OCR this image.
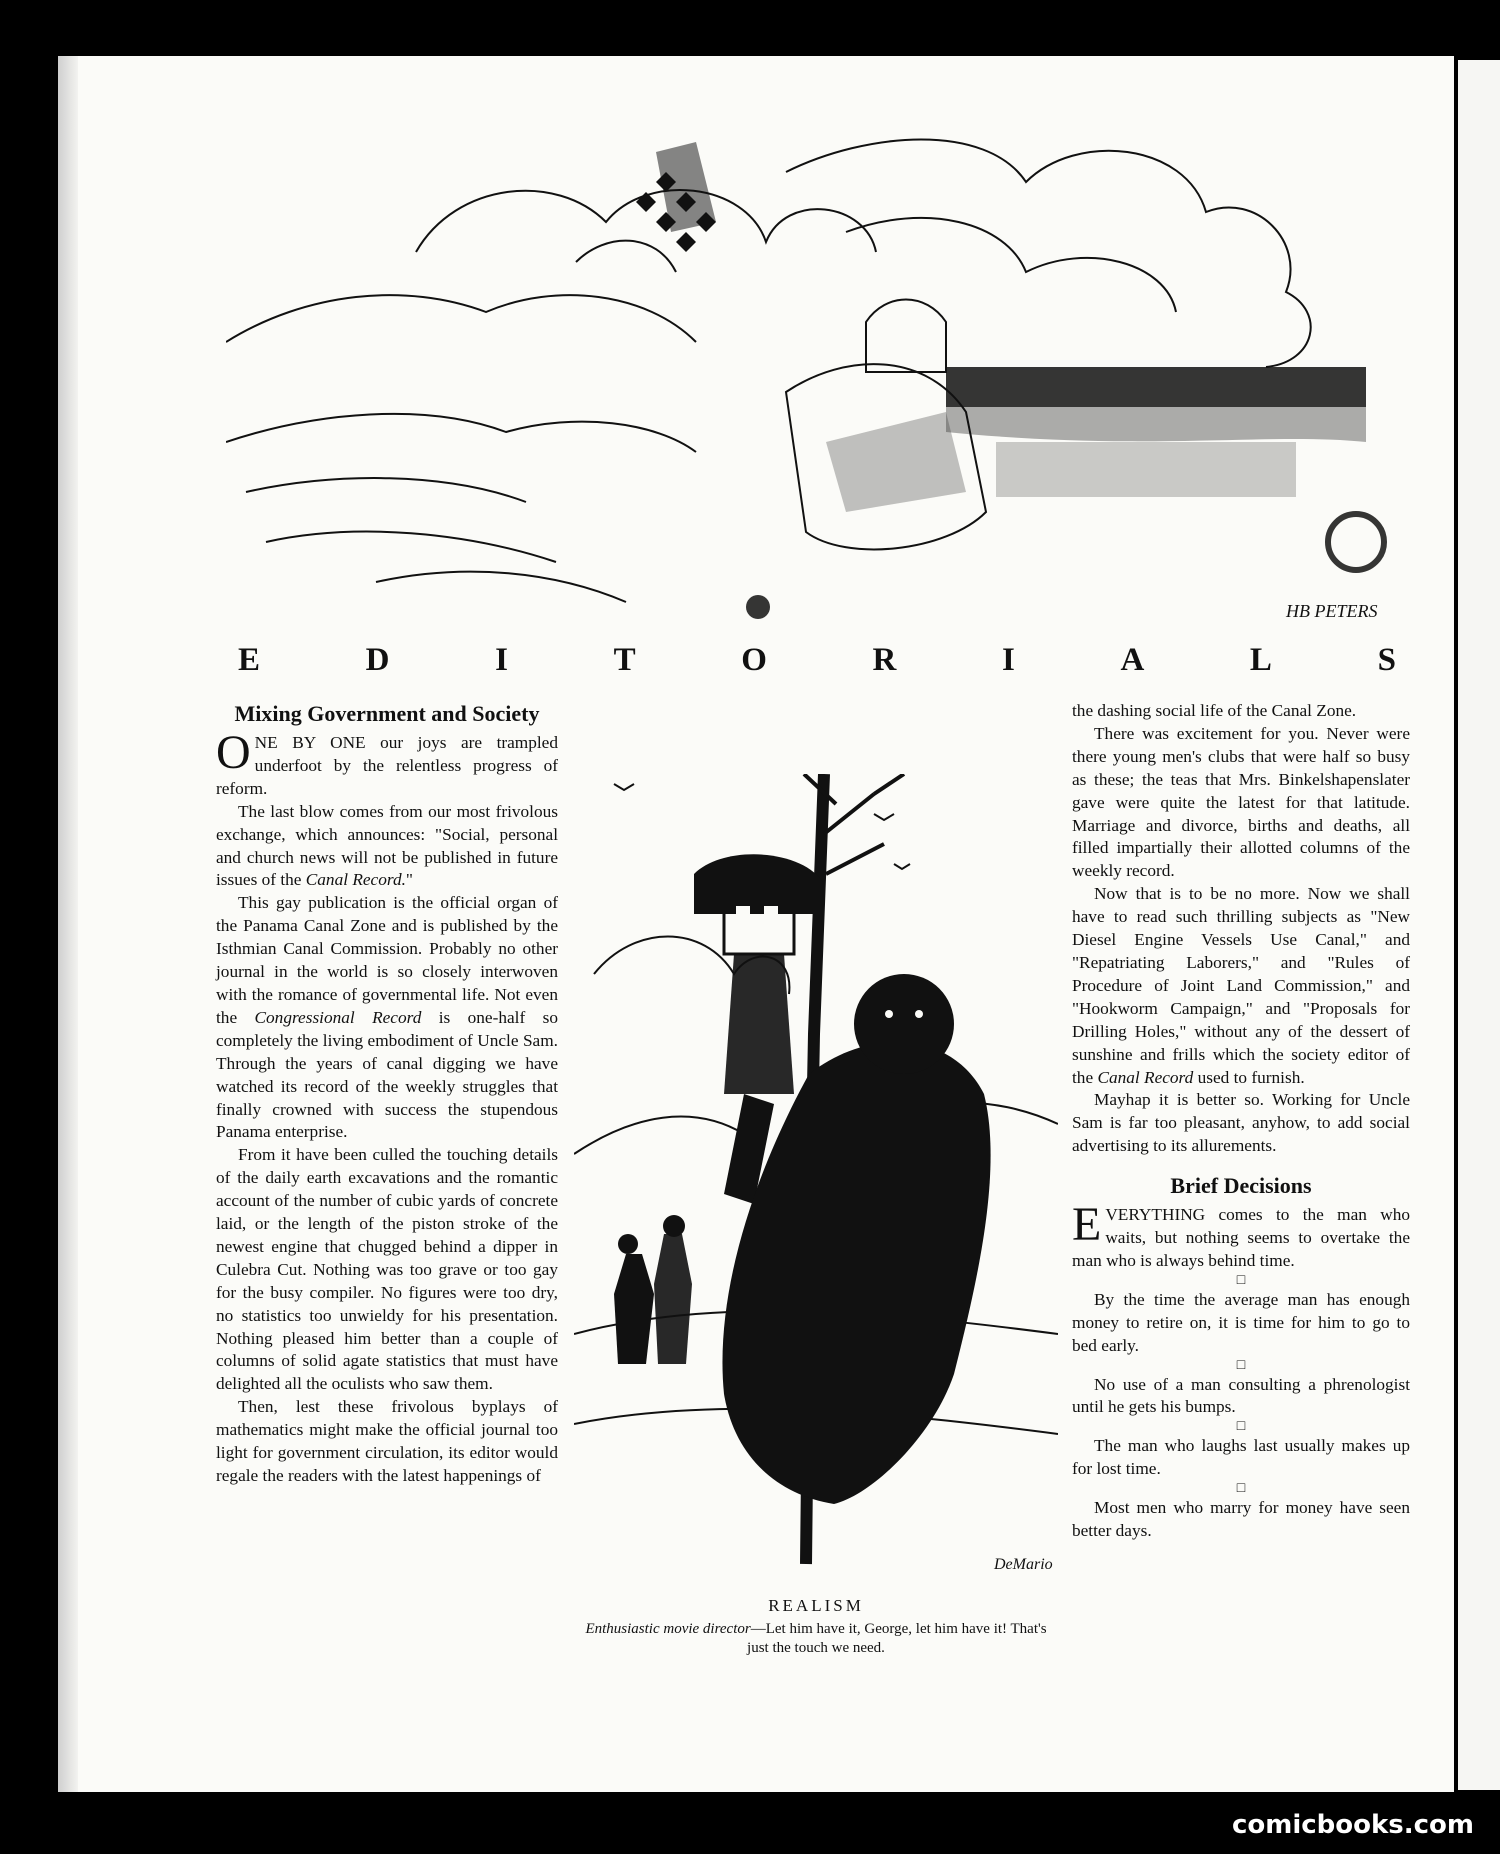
HB PETERS
E	D	I	T	O	R	I	A	L	S
Mixing Government and Society

ONE BY ONE our joys are trampled underfoot by the relentless progress of reform.

The last blow comes from our most frivolous exchange, which announces: "Social, personal and church news will not be published in future issues of the Canal Record."

This gay publication is the official organ of the Panama Canal Zone and is published by the Isthmian Canal Commission. Probably no other journal in the world is so closely interwoven with the romance of governmental life. Not even the Congressional Record is one-half so completely the living embodiment of Uncle Sam. Through the years of canal digging we have watched its record of the weekly struggles that finally crowned with success the stupendous Panama enterprise.

From it have been culled the touching details of the daily earth excavations and the romantic account of the number of cubic yards of concrete laid, or the length of the piston stroke of the newest engine that chugged behind a dipper in Culebra Cut. Nothing was too grave or too gay for the busy compiler. No figures were too dry, no statistics too unwieldy for his presentation. Nothing pleased him better than a couple of columns of solid agate statistics that must have delighted all the oculists who saw them.

Then, lest these frivolous byplays of mathematics might make the official journal too light for government circulation, its editor would regale the readers with the latest happenings of

DeMario
REALISM
Enthusiastic movie director—Let him have it, George, let him have it! That's just the touch we need.

the dashing social life of the Canal Zone.

There was excitement for you. Never were there young men's clubs that were half so busy as these; the teas that Mrs. Binkelshapenslater gave were quite the latest for that latitude. Marriage and divorce, births and deaths, all filled impartially their allotted columns of the weekly record.

Now that is to be no more. Now we shall have to read such thrilling subjects as "New Diesel Engine Vessels Use Canal," and "Repatriating Laborers," and "Rules of Procedure of Joint Land Commission," and "Hookworm Campaign," and "Proposals for Drilling Holes," without any of the dessert of sunshine and frills which the society editor of the Canal Record used to furnish.

Mayhap it is better so. Working for Uncle Sam is far too pleasant, anyhow, to add social advertising to its allurements.

Brief Decisions

EVERYTHING comes to the man who waits, but nothing seems to overtake the man who is always behind time.

□

By the time the average man has enough money to retire on, it is time for him to go to bed early.

□

No use of a man consulting a phrenologist until he gets his bumps.

□

The man who laughs last usually makes up for lost time.

□

Most men who marry for money have seen better days.

comicbooks.com
